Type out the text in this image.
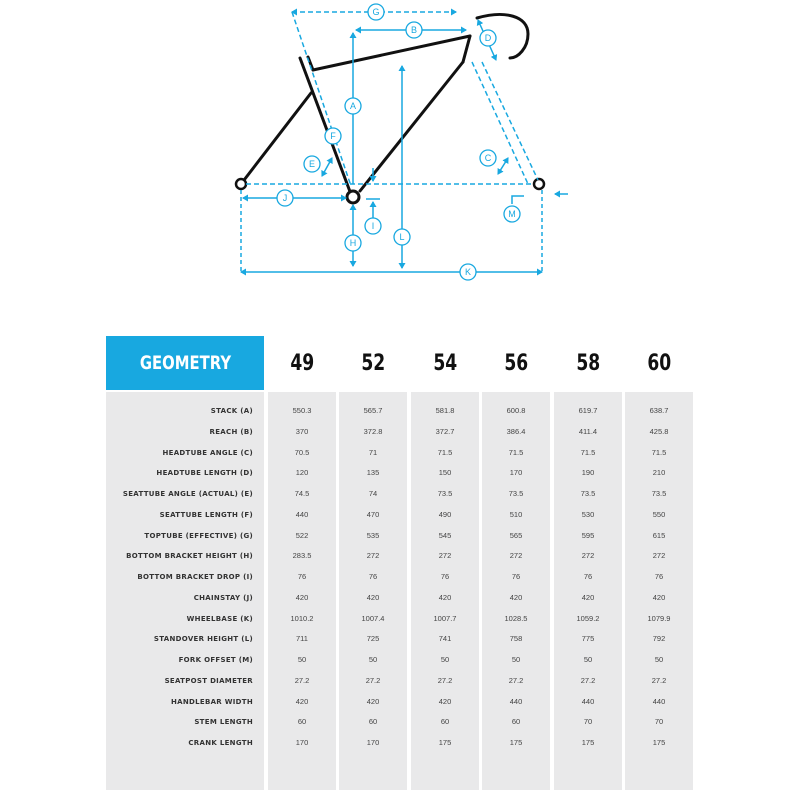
G
B
D
A
F
E
C
J
I
M
L
H
K
GEOMETRY	49 52 54 56 58 60
STACK (A)
REACH (B)
HEADTUBE ANGLE (C)
HEADTUBE LENGTH (D)
SEATTUBE ANGLE (ACTUAL) (E)
SEATTUBE LENGTH (F)
TOPTUBE (EFFECTIVE) (G)
BOTTOM BRACKET HEIGHT (H)
BOTTOM BRACKET DROP (I)
CHAINSTAY (J)
WHEELBASE (K)
STANDOVER HEIGHT (L)
FORK OFFSET (M)
SEATPOST DIAMETER
HANDLEBAR WIDTH
STEM LENGTH
CRANK LENGTH
550.3
370
70.5
120
74.5
440
522
283.5
76
420
1010.2
711
50
27.2
420
60
170
565.7
372.8
71
135
74
470
535
272
76
420
1007.4
725
50
27.2
420
60
170
581.8
372.7
71.5
150
73.5
490
545
272
76
420
1007.7
741
50
27.2
420
60
175
600.8
386.4
71.5
170
73.5
510
565
272
76
420
1028.5
758
50
27.2
440
60
175
619.7
411.4
71.5
190
73.5
530
595
272
76
420
1059.2
775
50
27.2
440
70
175
638.7
425.8
71.5
210
73.5
550
615
272
76
420
1079.9
792
50
27.2
440
70
175
